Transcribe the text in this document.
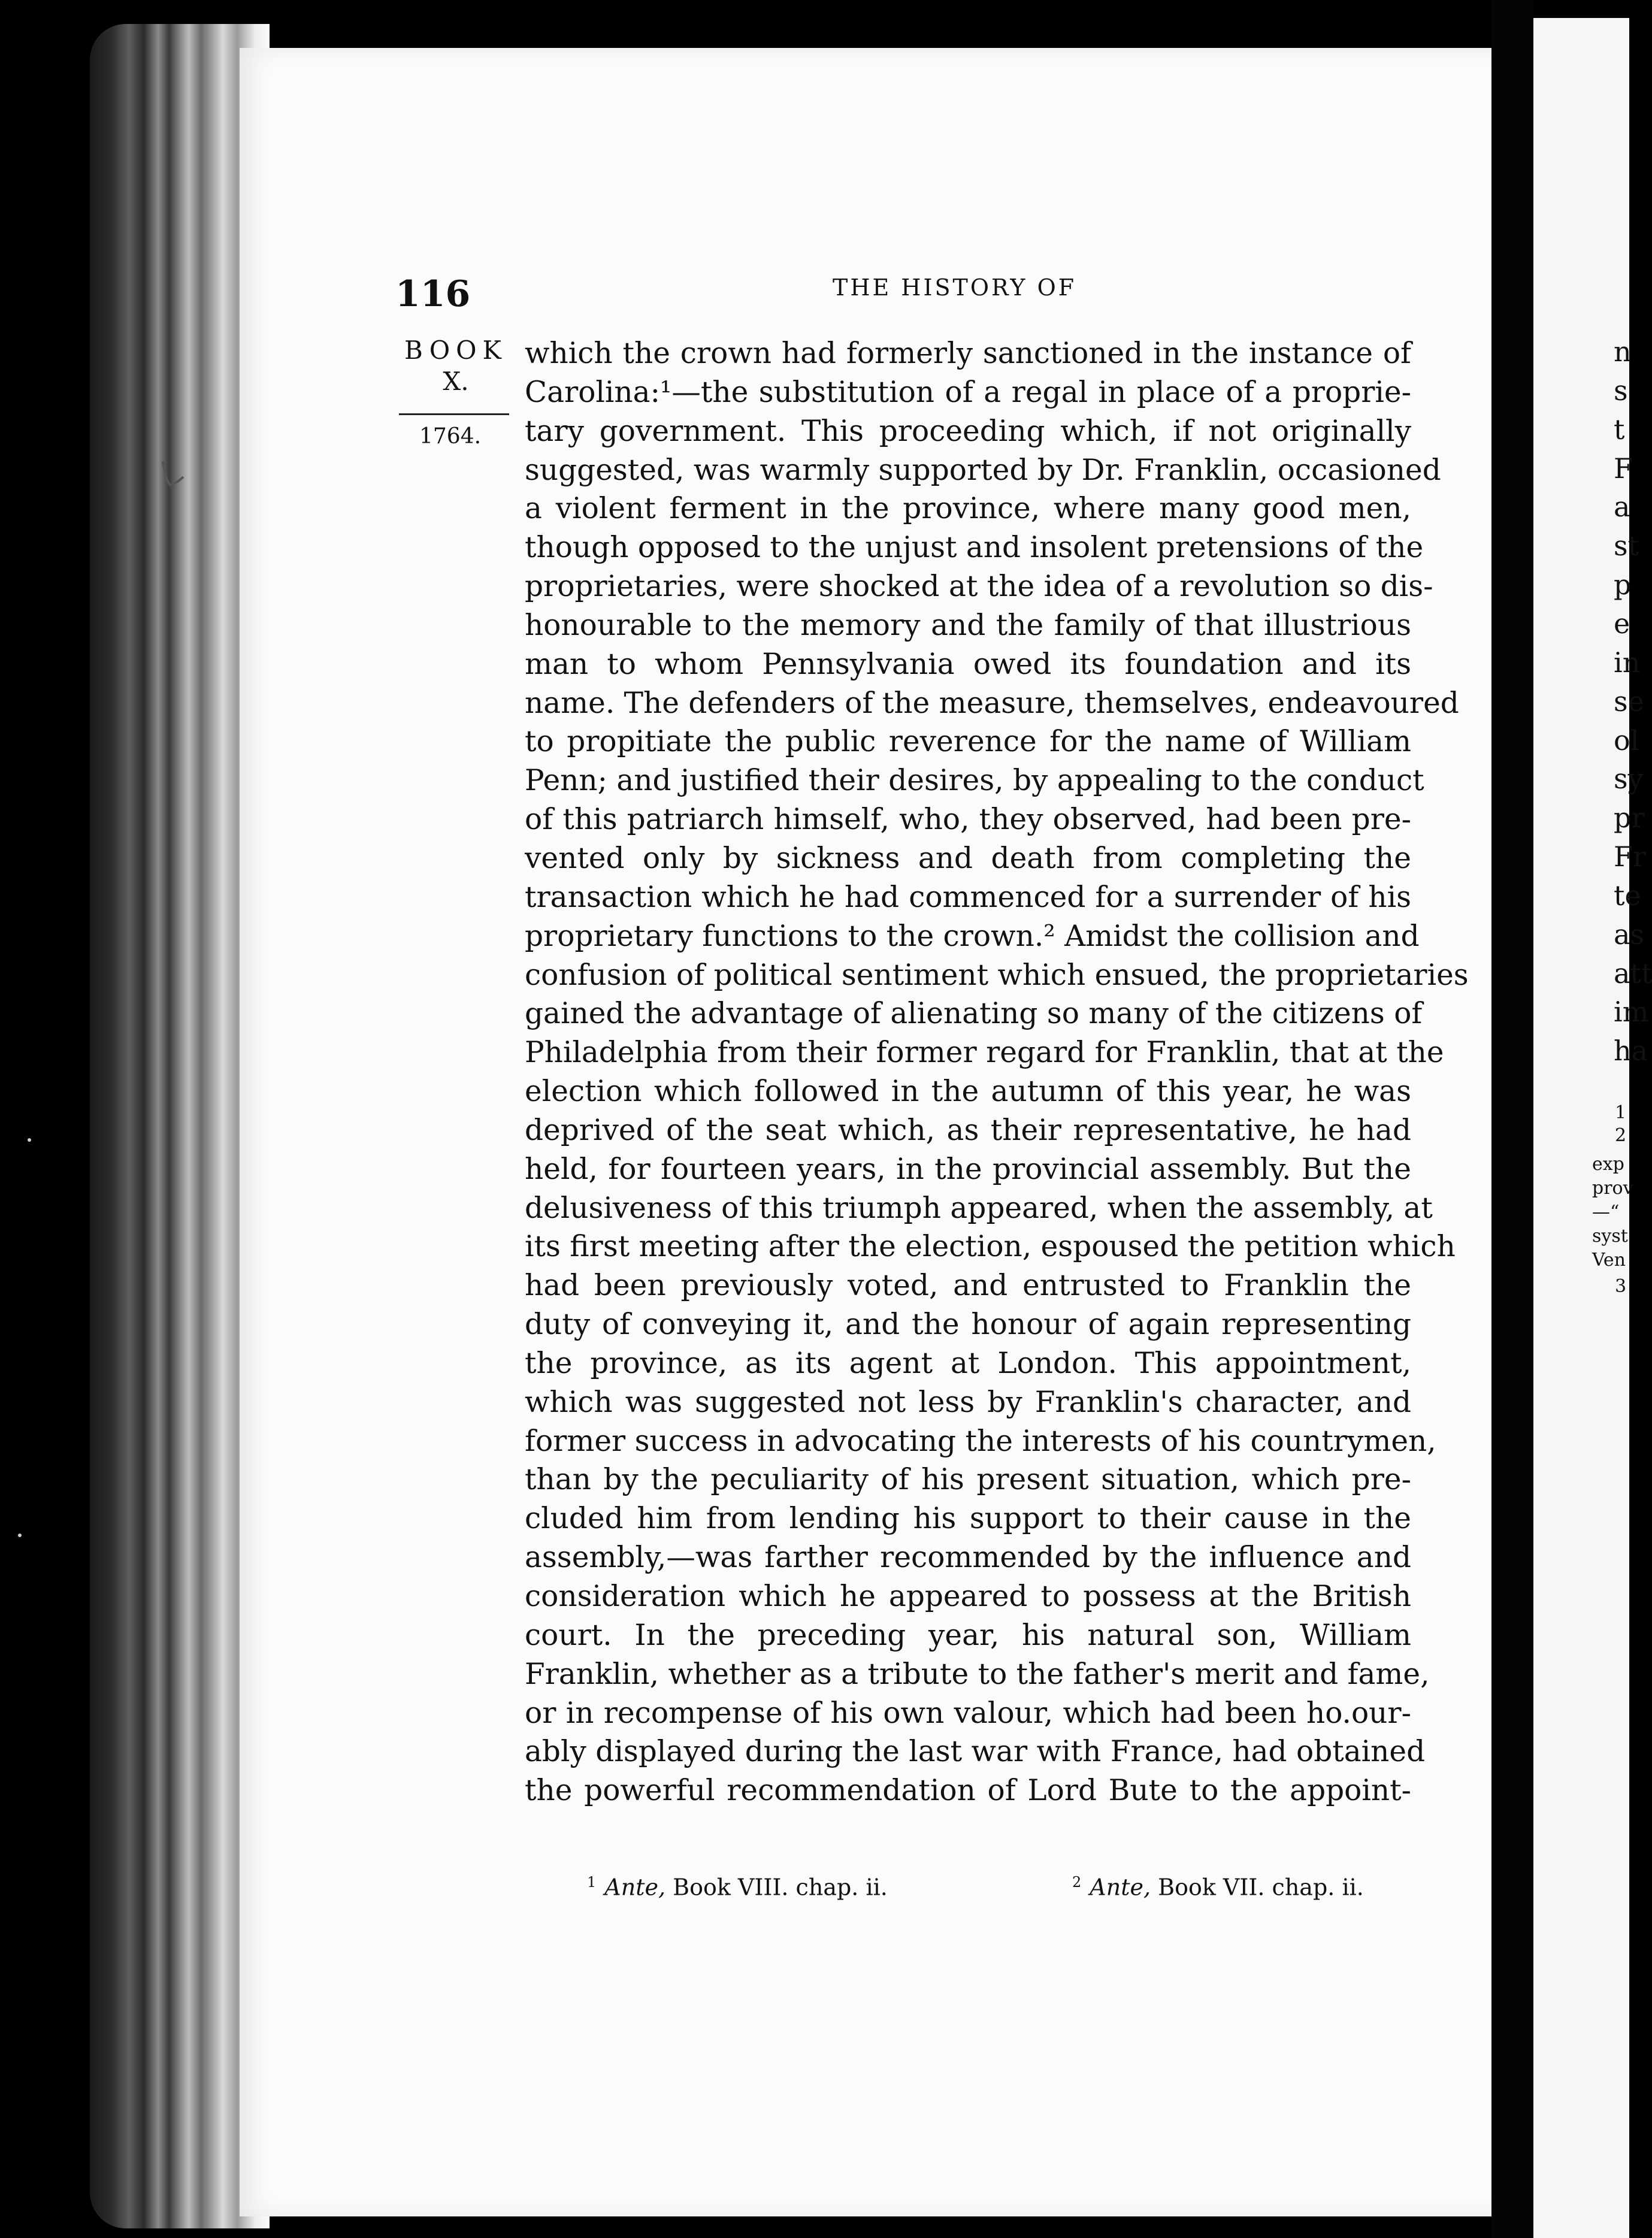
116	THE HISTORY OF
BOOK
X.
1764.
which the crown had formerly sanctioned in the instance of
Carolina:¹—the substitution of a regal in place of a proprie-
tary government. This proceeding which, if not originally
suggested, was warmly supported by Dr. Franklin, occasioned
a violent ferment in the province, where many good men,
though opposed to the unjust and insolent pretensions of the
proprietaries, were shocked at the idea of a revolution so dis-
honourable to the memory and the family of that illustrious
man to whom Pennsylvania owed its foundation and its
name. The defenders of the measure, themselves, endeavoured
to propitiate the public reverence for the name of William
Penn; and justified their desires, by appealing to the conduct
of this patriarch himself, who, they observed, had been pre-
vented only by sickness and death from completing the
transaction which he had commenced for a surrender of his
proprietary functions to the crown.² Amidst the collision and
confusion of political sentiment which ensued, the proprietaries
gained the advantage of alienating so many of the citizens of
Philadelphia from their former regard for Franklin, that at the
election which followed in the autumn of this year, he was
deprived of the seat which, as their representative, he had
held, for fourteen years, in the provincial assembly. But the
delusiveness of this triumph appeared, when the assembly, at
its first meeting after the election, espoused the petition which
had been previously voted, and entrusted to Franklin the
duty of conveying it, and the honour of again representing
the province, as its agent at London. This appointment,
which was suggested not less by Franklin's character, and
former success in advocating the interests of his countrymen,
than by the peculiarity of his present situation, which pre-
cluded him from lending his support to their cause in the
assembly,—was farther recommended by the influence and
consideration which he appeared to possess at the British
court. In the preceding year, his natural son, William
Franklin, whether as a tribute to the father's merit and fame,
or in recompense of his own valour, which had been ho.our-
ably displayed during the last war with France, had obtained
the powerful recommendation of Lord Bute to the appoint-
$^1$ Ante, Book VIII. chap. ii.	$^2$ Ante, Book VII. chap. ii.
n
s
t
F
a
st
p
e
in
se
ol
sy
pr
Fr
te
as
att
im
ha
1
2
exp
prov
—“
syst
Ven
3
